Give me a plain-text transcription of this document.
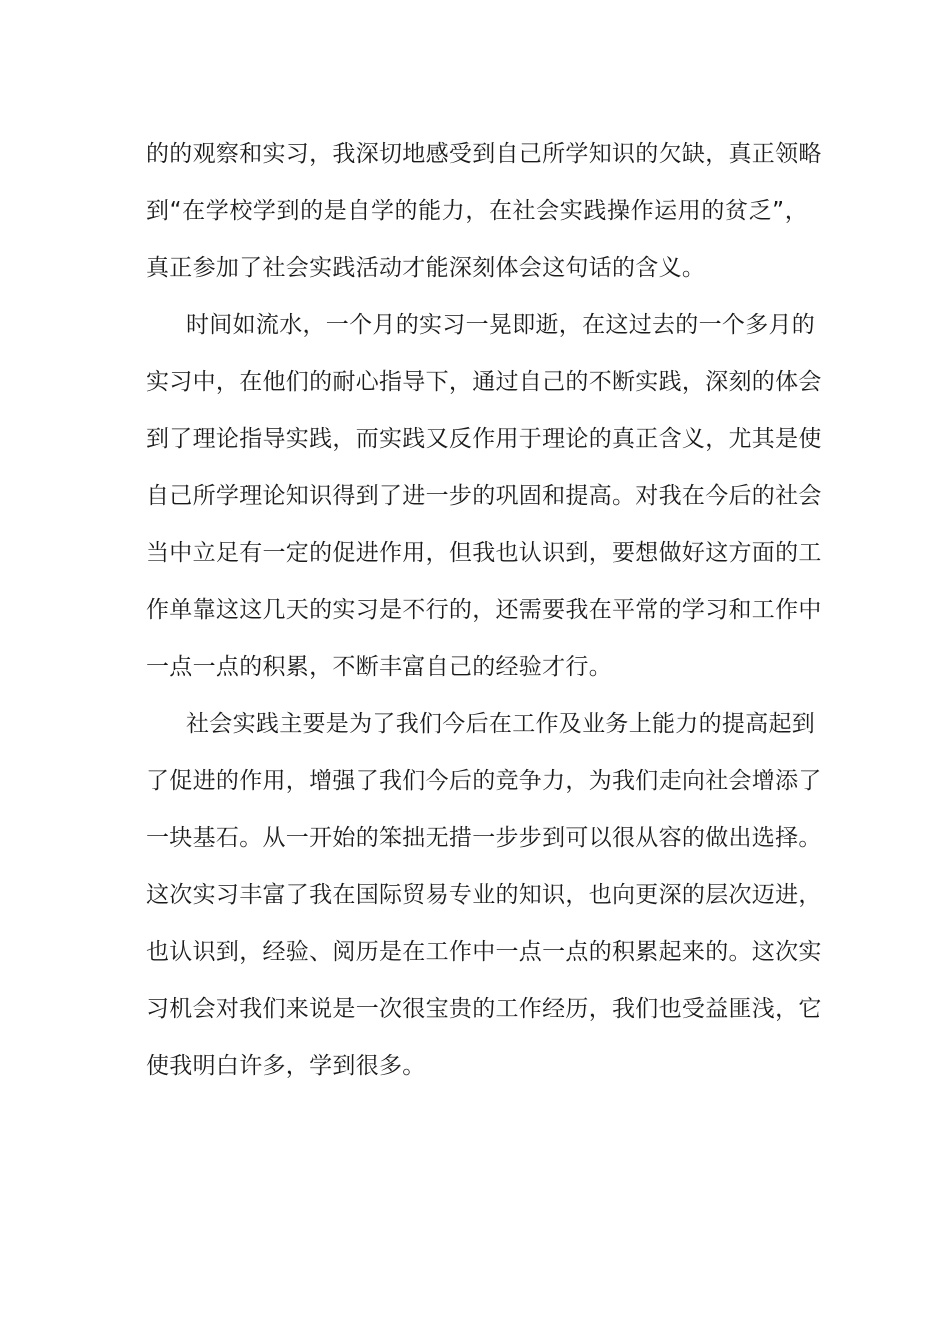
的的观察和实习，我深切地感受到自己所学知识的欠缺，真正领略
到“在学校学到的是自学的能力，在社会实践操作运用的贫乏”，
真正参加了社会实践活动才能深刻体会这句话的含义。
时间如流水，一个月的实习一晃即逝，在这过去的一个多月的
实习中，在他们的耐心指导下，通过自己的不断实践，深刻的体会
到了理论指导实践，而实践又反作用于理论的真正含义，尤其是使
自己所学理论知识得到了进一步的巩固和提高。对我在今后的社会
当中立足有一定的促进作用，但我也认识到，要想做好这方面的工
作单靠这这几天的实习是不行的，还需要我在平常的学习和工作中
一点一点的积累，不断丰富自己的经验才行。
社会实践主要是为了我们今后在工作及业务上能力的提高起到
了促进的作用，增强了我们今后的竞争力，为我们走向社会增添了
一块基石。从一开始的笨拙无措一步步到可以很从容的做出选择。
这次实习丰富了我在国际贸易专业的知识，也向更深的层次迈进，
也认识到，经验、阅历是在工作中一点一点的积累起来的。这次实
习机会对我们来说是一次很宝贵的工作经历，我们也受益匪浅，它
使我明白许多，学到很多。
